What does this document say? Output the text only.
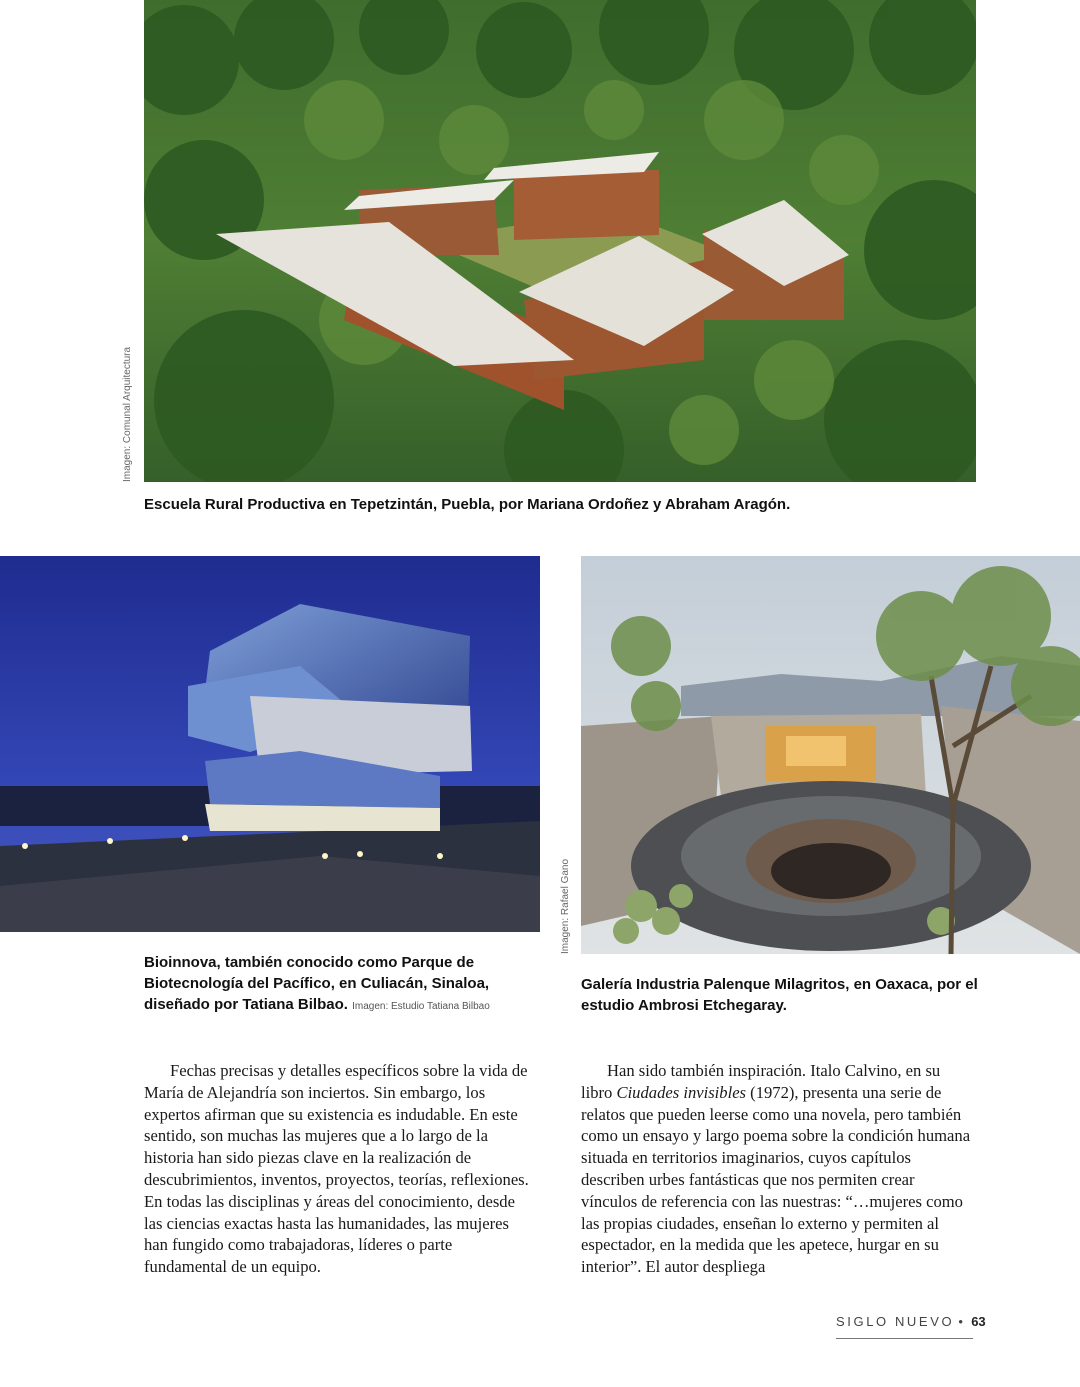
Imagen: Comunal Arquitectura
Escuela Rural Productiva en Tepetzintán, Puebla, por Mariana Ordoñez y Abraham Aragón.
Bioinnova, también conocido como Parque de Biotecnología del Pacífico, en Culiacán, Sinaloa, diseñado por Tatiana Bilbao. Imagen: Estudio Tatiana Bilbao
Imagen: Rafael Gano
Galería Industria Palenque Milagritos, en Oaxaca, por el estudio Ambrosi Etchegaray.

Fechas precisas y detalles específicos sobre la vida de María de Alejandría son inciertos. Sin embargo, los expertos afirman que su existencia es indudable. En este sentido, son muchas las mujeres que a lo largo de la historia han sido piezas clave en la realización de descubrimientos, inventos, proyectos, teorías, reflexiones. En todas las disciplinas y áreas del conocimiento, desde las ciencias exactas hasta las humanidades, las mujeres han fungido como trabajadoras, líderes o parte fundamental de un equipo.

Han sido también inspiración. Italo Calvino, en su libro Ciudades invisibles (1972), presenta una serie de relatos que pueden leerse como una novela, pero también como un ensayo y largo poema sobre la condición humana situada en territorios imaginarios, cuyos capítulos describen urbes fantásticas que nos permiten crear vínculos de referencia con las nuestras: “…mujeres como las propias ciudades, enseñan lo externo y permiten al espectador, en la medida que les apetece, hurgar en su interior”. El autor despliega

SIGLO NUEVO • 63
